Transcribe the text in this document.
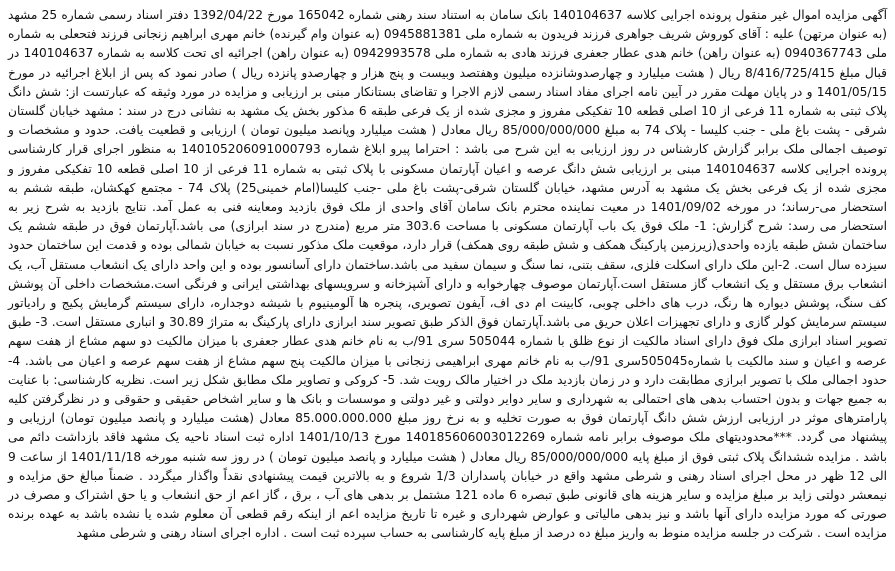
آگهی مزایده اموال غیر منقول پرونده اجرایی کلاسه 140104637 بانک سامان به استناد سند رهنی شماره 165042 مورخ 1392/04/22 دفتر اسناد رسمی شماره 25 مشهد (به عنوان مرتهن) علیه : آقای کوروش شریف جواهری فرزند فریدون به شماره ملی 0945881381 (به عنوان وام گیرنده) خانم مهری ابراهیم زنجانی فرزند فتحعلی به شماره ملی 0940367743 (به عنوان راهن) خانم هدی عطار جعفری فرزند هادی به شماره ملی 0942993578 (به عنوان راهن) اجرائیه ای تحت کلاسه به شماره 140104637 در قبال مبلغ 8/416/725/415 ریال ( هشت میلیارد و چهارصدوشانزده میلیون وهفتصد وبیست و پنج هزار و چهارصدو پانزده ریال ) صادر نمود که پس از ابلاغ اجرائیه در مورخ 1401/05/15 و در پایان مهلت مقرر در آیین نامه اجرای مفاد اسناد رسمی لازم الاجرا و تقاضای بستانکار مبنی بر ارزیابی و مزایده در مورد وثیقه که عبارتست از: شش دانگ پلاک ثبتی به شماره 11 فرعی از 10 اصلی قطعه 10 تفکیکی مفروز و مجزی شده از یک فرعی طبقه 6 مذکور بخش یک مشهد به نشانی درج در سند : مشهد خیابان گلستان شرقی - پشت باغ ملی - جنب کلیسا - پلاک 74 به مبلغ 85/000/000/000 ریال معادل ( هشت میلیارد وپانصد میلیون تومان ) ارزیابی و قطعیت یافت. حدود و مشخصات و توصیف اجمالی ملک برابر گزارش کارشناس در روز ارزیابی به این شرح می باشد : احتراما پیرو ابلاغ شماره 140105206091000793 به منظور اجرای قرار کارشناسی پرونده اجرایی کلاسه 140104637 مبنی بر ارزیابی شش دانگ عرصه و اعیان آپارتمان مسکونی با پلاک ثبتی به شماره 11 فرعی از 10 اصلی قطعه 10 تفکیکی مفروز و مجزی شده از یک فرعی بخش یک مشهد به آدرس مشهد، خیابان گلستان شرقی-پشت باغ ملی -جنب کلیسا(امام خمینی25) پلاک 74 - مجتمع کهکشان، طبقه ششم به استحضار می-رساند؛ در مورخه 1401/09/02 در معیت نماینده محترم بانک سامان آقای واحدی از ملک فوق بازدید ومعاینه فنی به عمل آمد. نتایج بازدید به شرح زیر به استحضار می رسد: شرح گزارش: 1- ملک فوق یک باب آپارتمان مسکونی با مساحت 303.6 متر مربع (مندرج در سند ابرازی) می باشد.آپارتمان فوق در طبقه ششم یک ساختمان شش طبقه یازده واحدی(زیرزمین پارکینگ همکف و شش طبقه روی همکف) قرار دارد، موقعیت ملک مذکور نسبت به خیابان شمالی بوده و قدمت این ساختمان حدود سیزده سال است. 2-این ملک دارای اسکلت فلزی، سقف بتنی، نما سنگ و سیمان سفید می باشد.ساختمان دارای آسانسور بوده و این واحد دارای یک انشعاب مستقل آب، یک انشعاب برق مستقل و یک انشعاب گاز مستقل است.آپارتمان موصوف چهارخوابه و دارای آشپزخانه و سرویسهای بهداشتی ایرانی و فرنگی است.مشخصات داخلی آن پوشش کف سنگ، پوشش دیواره ها رنگ، درب های داخلی چوبی، کابینت ام دی اف، آیفون تصویری، پنجره ها آلومینیوم با شیشه دوجداره، دارای سیستم گرمایش پکیج و رادیاتور سیستم سرمایش کولر گازی و دارای تجهیزات اعلان حریق می باشد.آپارتمان فوق الذکر طبق تصویر سند ابرازی دارای پارکینگ به متراژ 30.89 و انباری مستقل است. 3- طبق تصویر اسناد ابرازی ملک فوق دارای اسناد مالکیت از نوع ظلق با شماره 505044 سری 91/ب به نام خانم هدی عطار جعفری با میزان مالکیت دو سهم مشاع از هفت سهم عرصه و اعیان و سند مالکیت با شماره505045سری 91/ب به نام خانم مهری ابراهیمی زنجانی با میزان مالکیت پنج سهم مشاع از هفت سهم عرصه و اعیان می باشد. 4- حدود اجمالی ملک با تصویر ابرازی مطابقت دارد و در زمان بازدید ملک در اختیار مالک رویت شد. 5- کروکی و تصاویر ملک مطابق شکل زیر است. نظریه کارشناسی: با عنایت به جمیع جهات و بدون احتساب بدهی های احتمالی به شهرداری و سایر دوایر دولتی و غیر دولتی و موسسات و بانک ها و سایر اشخاص حقیقی و حقوقی و در نظرگرفتن کلیه پارامترهای موثر در ارزیابی ارزش شش دانگ آپارتمان فوق به صورت تخلیه و به نرخ روز مبلغ 85.000.000.000 معادل (هشت میلیارد و پانصد میلیون تومان) ارزیابی و پیشنهاد می گردد. ***محدودیتهای ملک موصوف برابر نامه شماره 140185606003012269 مورخ 1401/10/13 اداره ثبت اسناد ناحیه یک مشهد فاقد بازداشت دائم می باشد . مزایده ششدانگ پلاک ثبتی فوق از مبلغ پایه 85/000/000/000 ریال معادل ( هشت میلیارد و پانصد میلیون تومان ) در روز سه شنبه مورخه 1401/11/18 از ساعت 9 الی 12 ظهر در محل اجرای اسناد رهنی و شرطی مشهد واقع در خیابان پاسداران 1/3 شروع و به بالاترین قیمت پیشنهادی نقداً واگذار میگردد . ضمناً مبالغ حق مزایده و نیمعشر دولتی زاید بر مبلغ مزایده و سایر هزینه های قانونی طبق تبصره 6 ماده 121 مشتمل بر بدهی های آب ، برق ، گاز اعم از حق انشعاب و یا حق اشتراک و مصرف در صورتی که مورد مزایده دارای آنها باشد و نیز بدهی مالیاتی و عوارض شهرداری و غیره تا تاریخ مزایده اعم از اینکه رقم قطعی آن معلوم شده یا نشده باشد به عهده برنده مزایده است . شرکت در جلسه مزایده منوط به واریز مبلغ ده درصد از مبلغ پایه کارشناسی به حساب سپرده ثبت است . اداره اجرای اسناد رهنی و شرطی مشهد
